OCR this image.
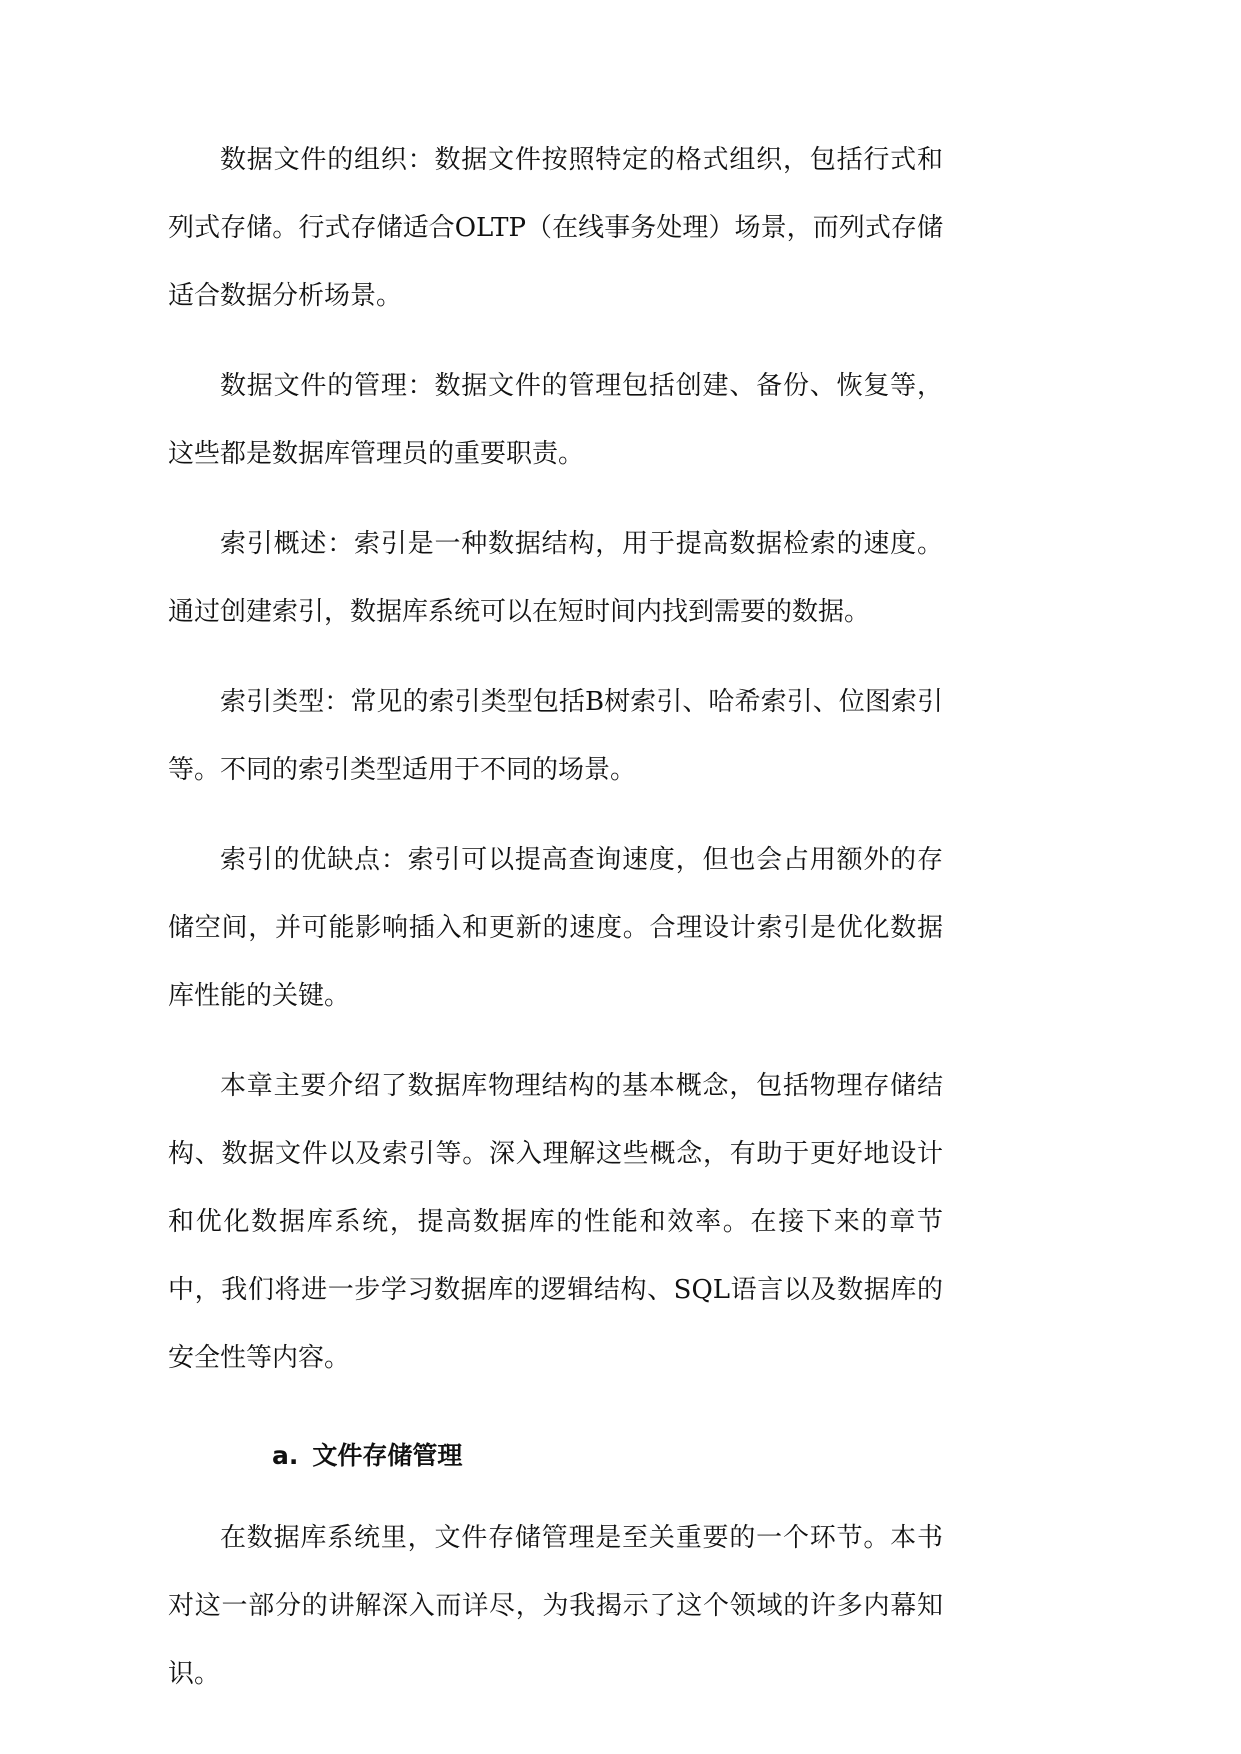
数据文件的组织：数据文件按照特定的格式组织，包括行式和列式存储。行式存储适合OLTP（在线事务处理）场景，而列式存储适合数据分析场景。

数据文件的管理：数据文件的管理包括创建、备份、恢复等，这些都是数据库管理员的重要职责。

索引概述：索引是一种数据结构，用于提高数据检索的速度。通过创建索引，数据库系统可以在短时间内找到需要的数据。

索引类型：常见的索引类型包括B树索引、哈希索引、位图索引等。不同的索引类型适用于不同的场景。

索引的优缺点：索引可以提高查询速度，但也会占用额外的存储空间，并可能影响插入和更新的速度。合理设计索引是优化数据库性能的关键。

本章主要介绍了数据库物理结构的基本概念，包括物理存储结构、数据文件以及索引等。深入理解这些概念，有助于更好地设计和优化数据库系统，提高数据库的性能和效率。在接下来的章节中，我们将进一步学习数据库的逻辑结构、SQL语言以及数据库的安全性等内容。

a. 文件存储管理

在数据库系统里，文件存储管理是至关重要的一个环节。本书对这一部分的讲解深入而详尽，为我揭示了这个领域的许多内幕知识。
